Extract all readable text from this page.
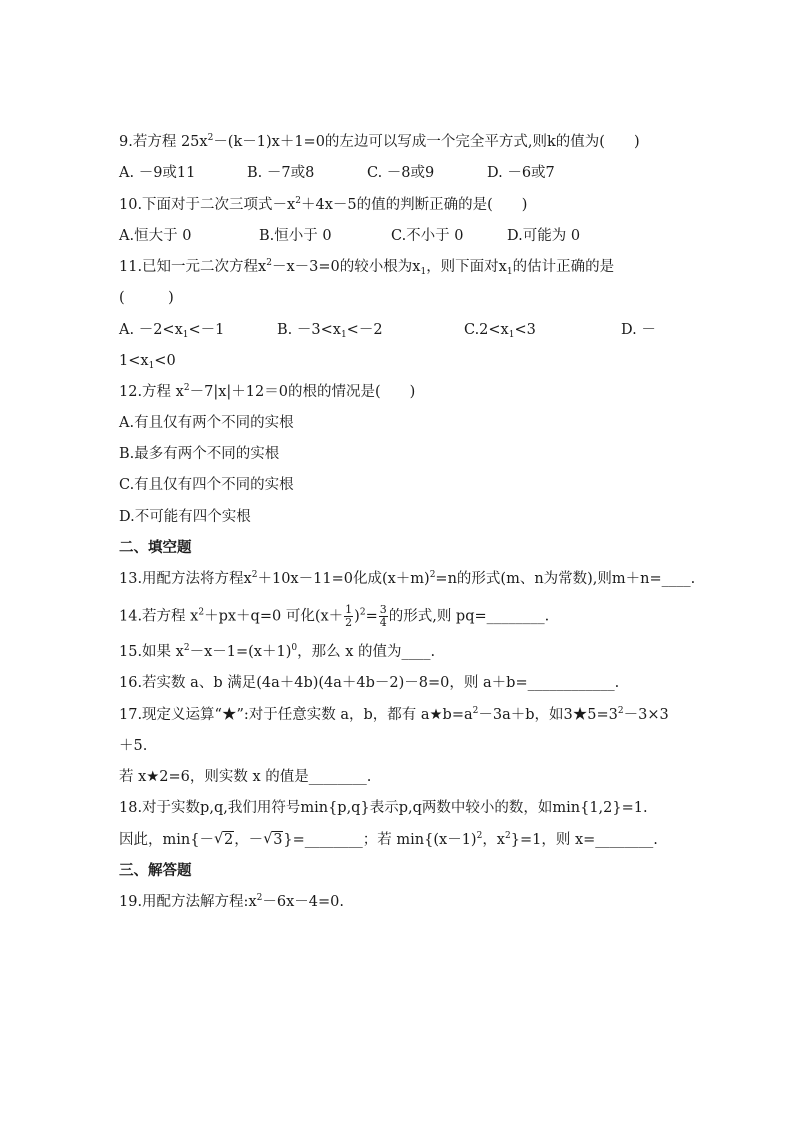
9.若方程 $25x^2-(k-1)x+1=0$的左边可以写成一个完全平方式,则k的值为(　　)
A. －9或11	B. －7或8	C. －8或9	D. －6或7
10.下面对于二次三项式$-x^2+4x-5$的值的判断正确的是(　　)
A.恒大于 0	B.恒小于 0	C.不小于 0	D.可能为 0
11.已知一元二次方程$x^2-x-3=0$的较小根为$x_1$，则下面对$x_1$的估计正确的是
(　　　)
A. $-2<x_1<-1$	B. $-3<x_1<-2$	$C.2<x_1<3$	D. －
$1<x_1<0$
12.方程 $x^2-7|x|+12=0$的根的情况是(　　)
A.有且仅有两个不同的实根
B.最多有两个不同的实根
C.有且仅有四个不同的实根
D.不可能有四个实根
二、填空题
13.用配方法将方程$x^2+10x-11=0$化成$(x+m)^2=n$的形式(m、n为常数),则m＋n=____.
14.若方程 $x^2+px+q=0$ 可化$(x+ \frac{1}{2} )^2= \frac{3}{4}$ 的形式,则 pq=________.
15.如果 $x^2-x-1=(x+1)^0$，那么 x 的值为____.
16.若实数 a、b 满足(4a＋4b)(4a＋4b－2)－8=0，则 a＋b=____________.
17.现定义运算“★”:对于任意实数 a，b，都有 $a★b=a^2-3a+b$，如$3★5=3^2-3\times 3$
＋5.
若 x★2=6，则实数 x 的值是________.
18.对于实数p,q,我们用符号min{p,q}表示p,q两数中较小的数，如min{1,2}=1.
因此，min{－ √ 2，－ √ 3}=________；若 $\min\{(x-1)^2$，$x^2\}=1$，则 x=________.
三、解答题
19.用配方法解方程$:x^2-6x-4=0$.
